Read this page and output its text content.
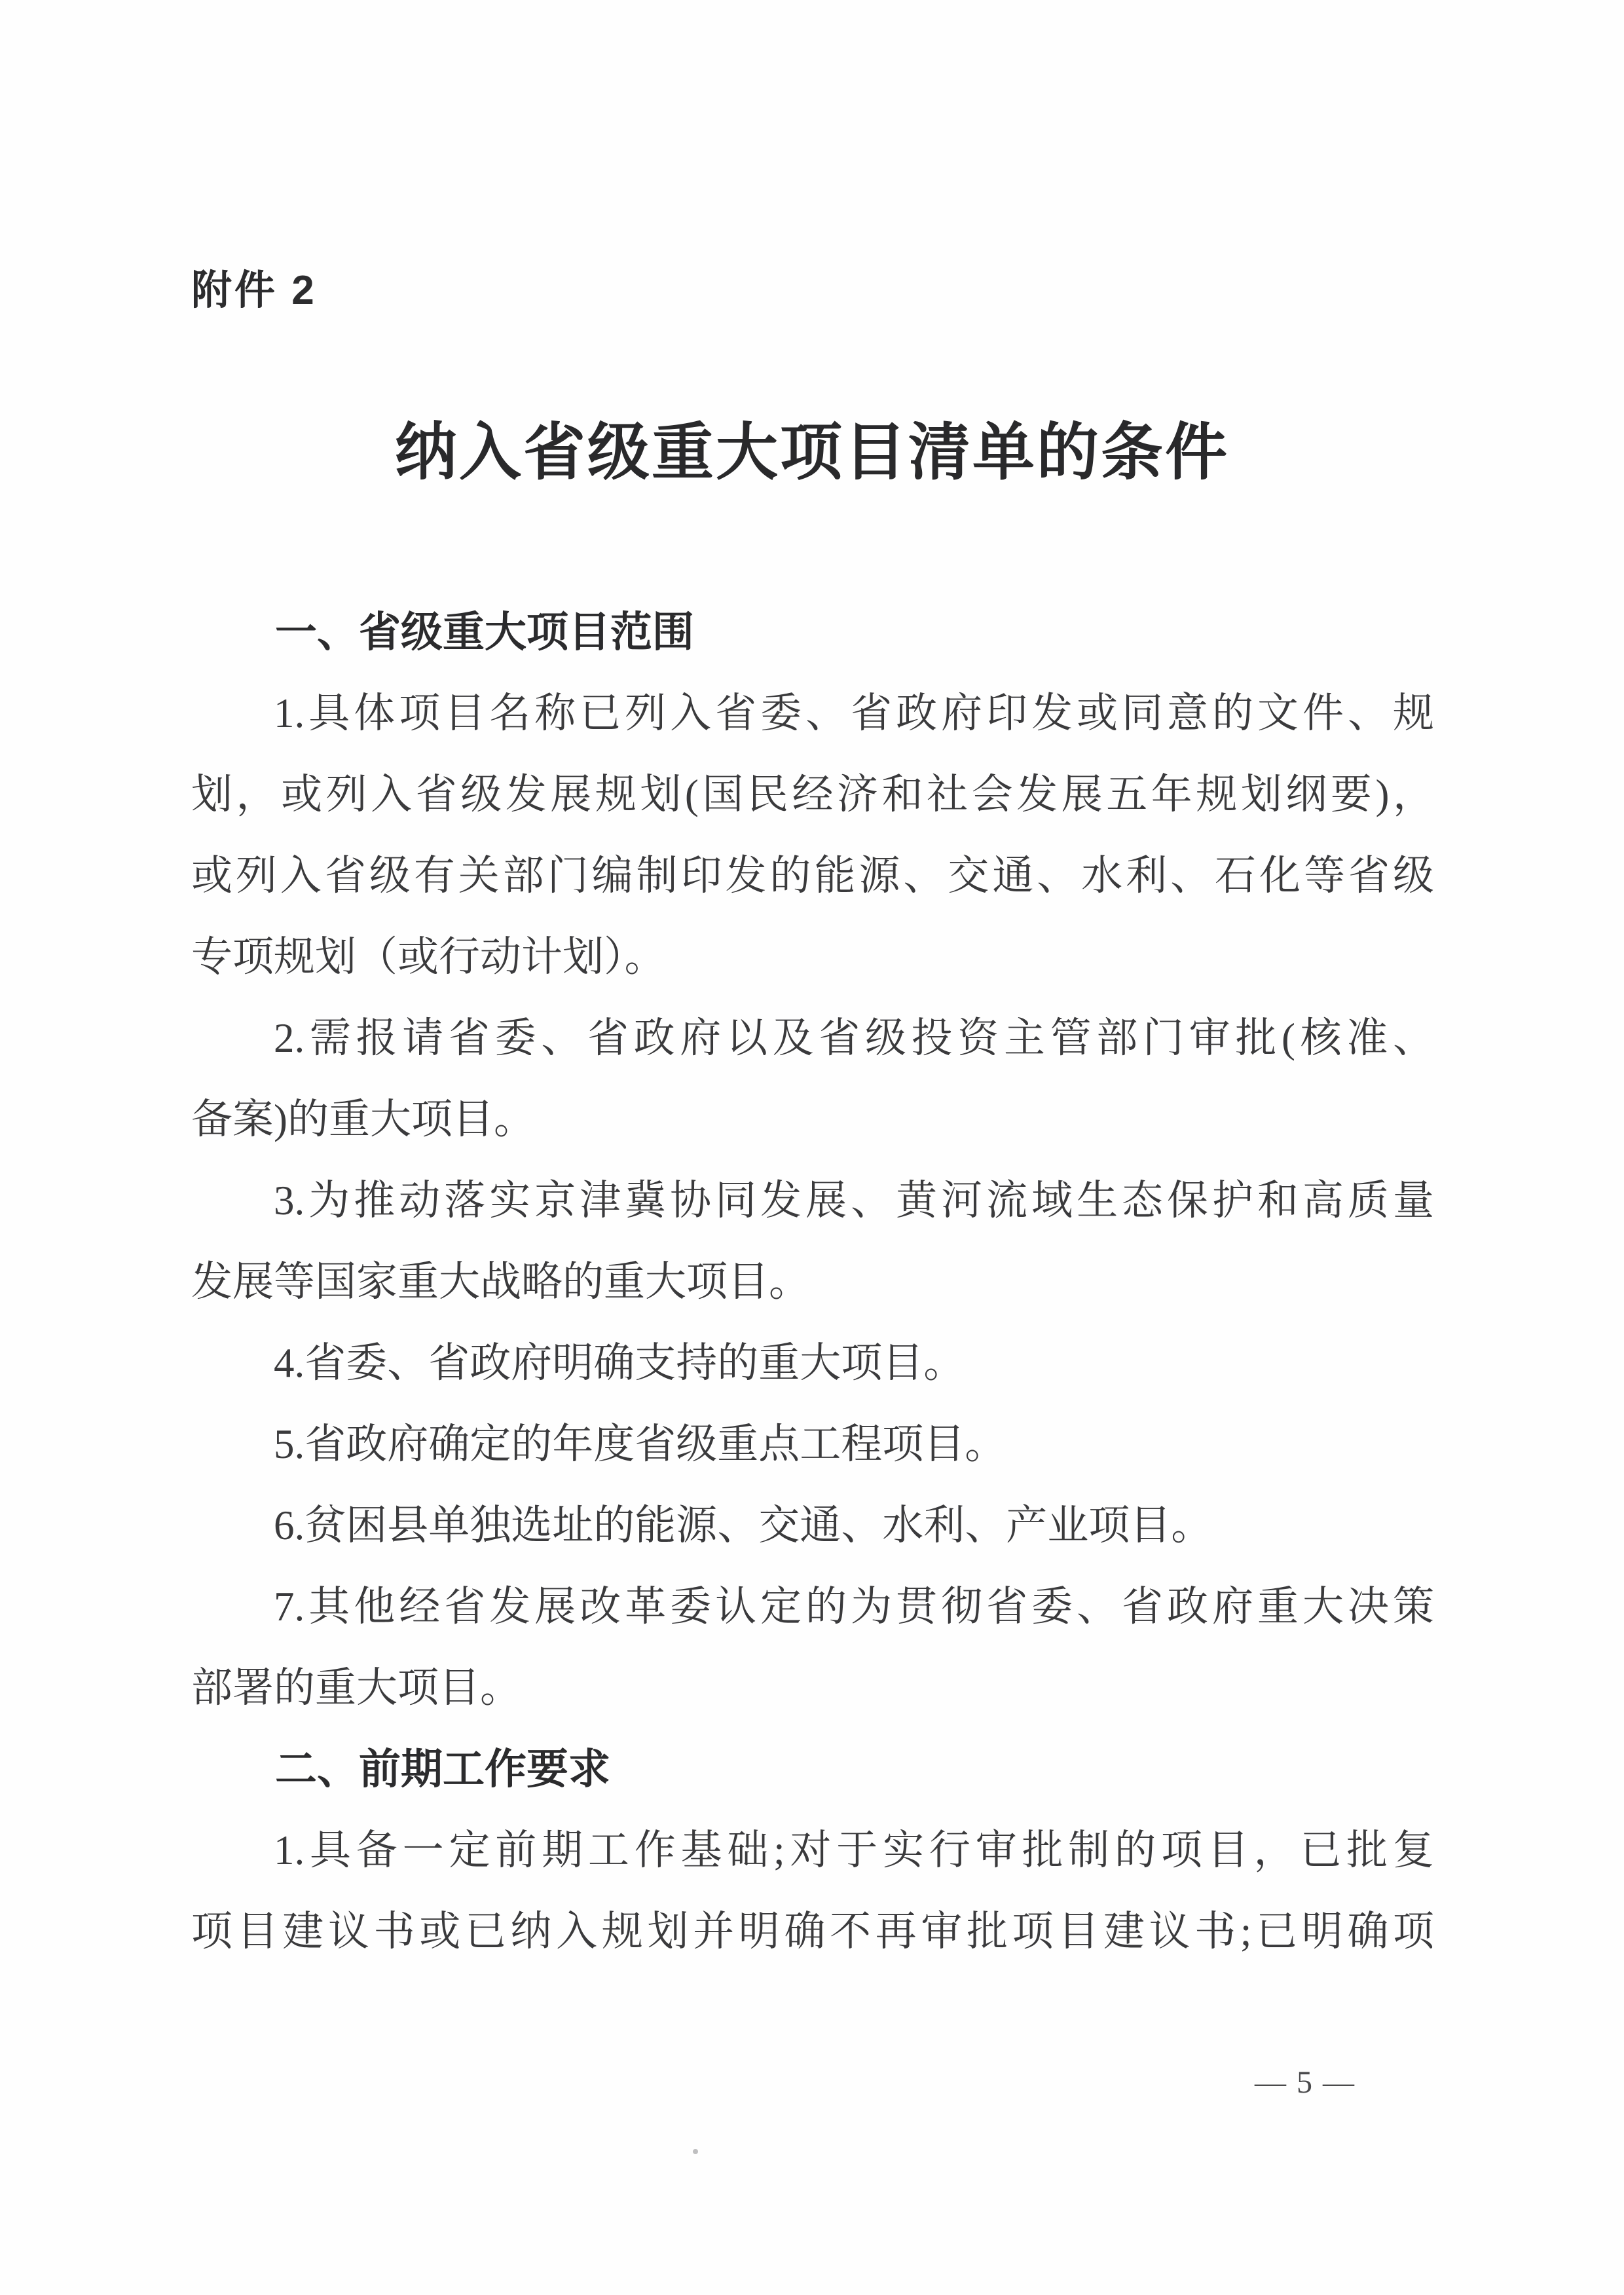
附件 2
纳入省级重大项目清单的条件
一、省级重大项目范围
1.具体项目名称已列入省委、省政府印发或同意的文件、规
划，或列入省级发展规划(国民经济和社会发展五年规划纲要)，
或列入省级有关部门编制印发的能源、交通、水利、石化等省级
专项规划（或行动计划）。
2.需报请省委、省政府以及省级投资主管部门审批(核准、
备案)的重大项目。
3.为推动落实京津冀协同发展、黄河流域生态保护和高质量
发展等国家重大战略的重大项目。
4.省委、省政府明确支持的重大项目。
5.省政府确定的年度省级重点工程项目。
6.贫困县单独选址的能源、交通、水利、产业项目。
7.其他经省发展改革委认定的为贯彻省委、省政府重大决策
部署的重大项目。
二、前期工作要求
1.具备一定前期工作基础;对于实行审批制的项目，已批复
项目建议书或已纳入规划并明确不再审批项目建议书;已明确项
— 5 —
